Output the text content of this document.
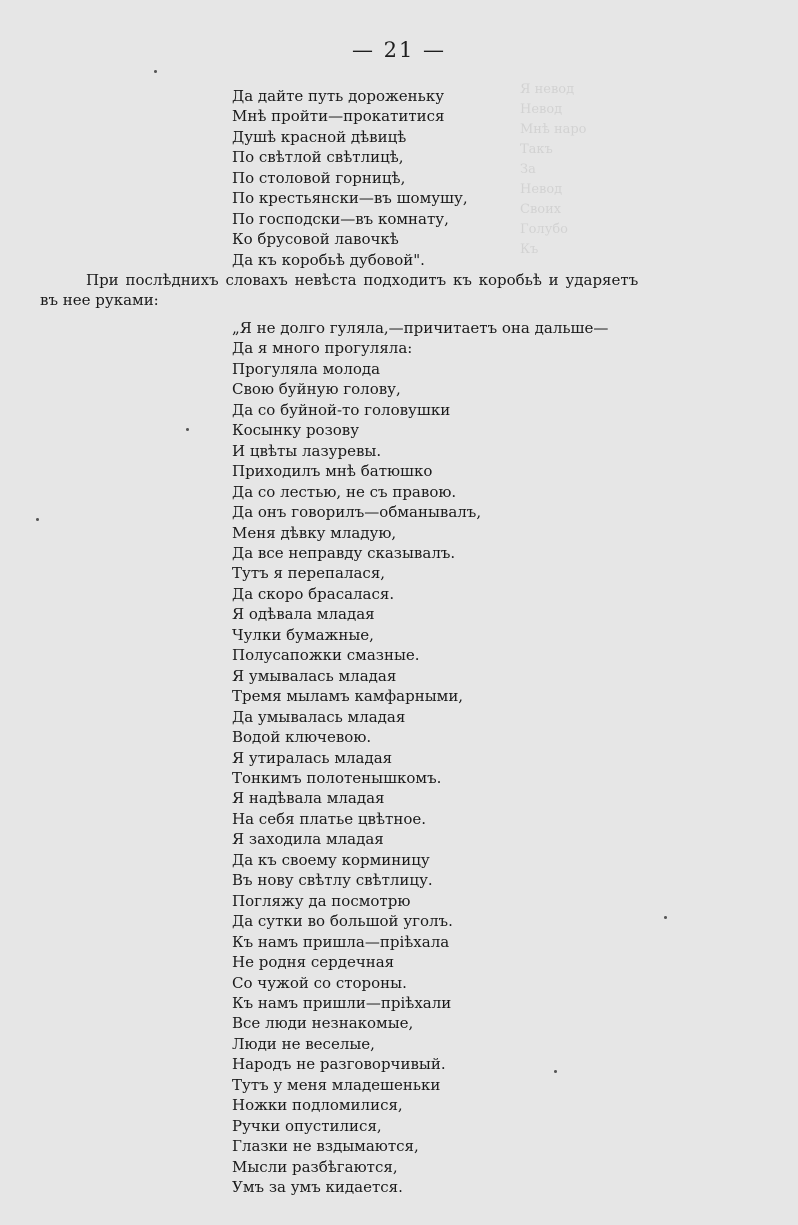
Я невод
Невод
Мнѣ наро
Такъ
За
Невод
Своих
Голубо
Къ

— 21 —
Да дайте путь дороженьку
Мнѣ пройти—прокатитися
Душѣ красной дѣвицѣ
По свѣтлой свѣтлицѣ,
По столовой горницѣ,
По крестьянски—въ шомушу,
По господски—въ комнату,
Ко брусовой лавочкѣ
Да къ коробьѣ дубовой".

При послѣднихъ словахъ невѣста подходитъ къ коробьѣ и ударяетъ
въ нее руками:

„Я не долго гуляла,—причитаетъ она дальше—
Да я много прогуляла:
Прогуляла молода
Свою буйную голову,
Да со буйной-то головушки
Косынку розову
И цвѣты лазуревы.
Приходилъ мнѣ батюшко
Да со лестью, не съ правою.
Да онъ говорилъ—обманывалъ,
Меня дѣвку младую,
Да все неправду сказывалъ.
Тутъ я перепалася,
Да скоро брасалася.
Я одѣвала младая
Чулки бумажные,
Полусапожки смазные.
Я умывалась младая
Тремя мыламъ камфарными,
Да умывалась младая
Водой ключевою.
Я утиралась младая
Тонкимъ полотенышкомъ.
Я надѣвала младая
На себя платье цвѣтное.
Я заходила младая
Да къ своему корминицу
Въ нову свѣтлу свѣтлицу.
Погляжу да посмотрю
Да сутки во большой уголъ.
Къ намъ пришла—прiѣхала
Не родня сердечная
Со чужой со стороны.
Къ намъ пришли—прiѣхали
Все люди незнакомые,
Люди не веселые,
Народъ не разговорчивый.
Тутъ у меня младешеньки
Ножки подломилися,
Ручки опустилися,
Глазки не вздымаются,
Мысли разбѣгаются,
Умъ за умъ кидается.
